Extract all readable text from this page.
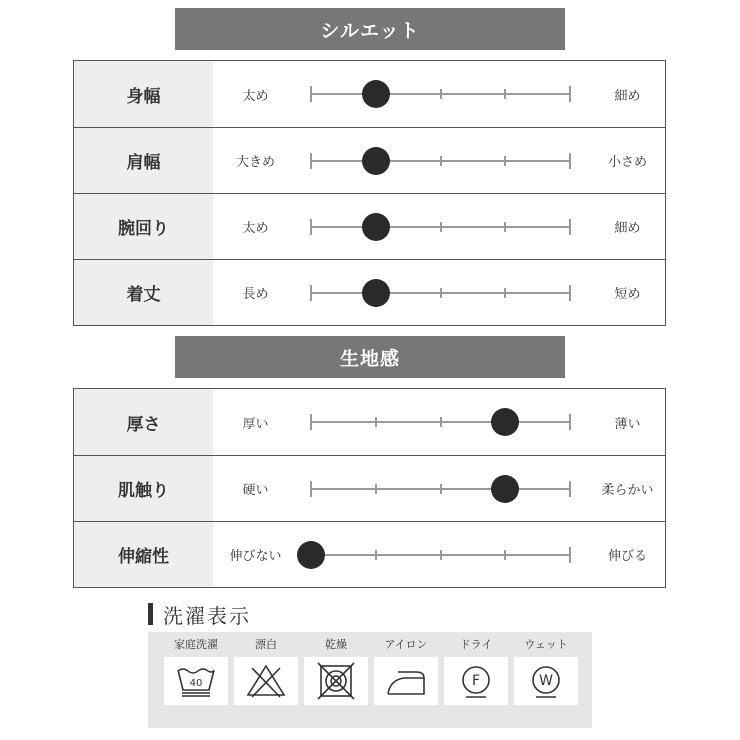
シルエット
身幅	太め	細め
肩幅	大きめ	小さめ
腕回り	太め	細め
着丈	長め	短め
生地感
厚さ	厚い	薄い
肌触り	硬い	柔らかい
伸縮性	伸びない	伸びる
洗濯表示
家庭洗濯
40
漂白	乾燥	アイロン	ドライ
F
ウェット
W
